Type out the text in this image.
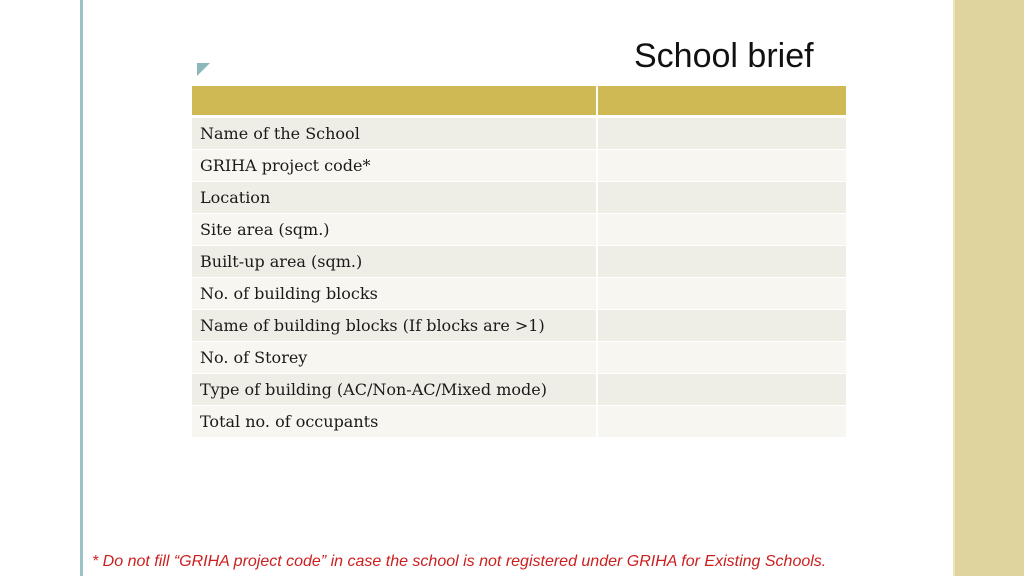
School brief
Name of the School
GRIHA project code*
Location
Site area (sqm.)
Built-up area (sqm.)
No. of building blocks
Name of building blocks (If blocks are >1)
No. of Storey
Type of building (AC/Non-AC/Mixed mode)
Total no. of occupants
* Do not fill “GRIHA project code” in case the school is not registered under GRIHA for Existing Schools.
